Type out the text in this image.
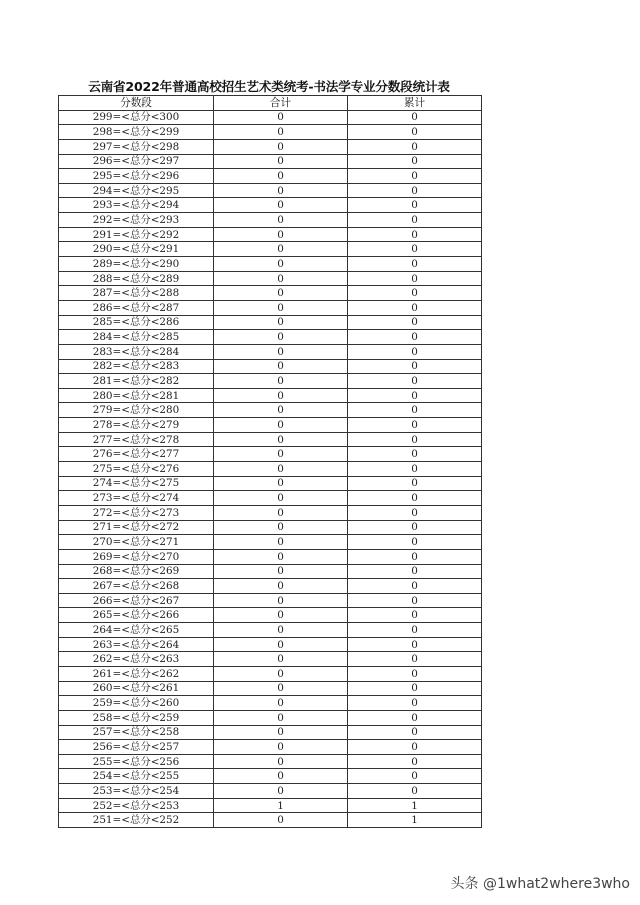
云南省2022年普通高校招生艺术类统考-书法学专业分数段统计表
分数段	合计	累计
299=<总分<300	0	0
298=<总分<299	0	0
297=<总分<298	0	0
296=<总分<297	0	0
295=<总分<296	0	0
294=<总分<295	0	0
293=<总分<294	0	0
292=<总分<293	0	0
291=<总分<292	0	0
290=<总分<291	0	0
289=<总分<290	0	0
288=<总分<289	0	0
287=<总分<288	0	0
286=<总分<287	0	0
285=<总分<286	0	0
284=<总分<285	0	0
283=<总分<284	0	0
282=<总分<283	0	0
281=<总分<282	0	0
280=<总分<281	0	0
279=<总分<280	0	0
278=<总分<279	0	0
277=<总分<278	0	0
276=<总分<277	0	0
275=<总分<276	0	0
274=<总分<275	0	0
273=<总分<274	0	0
272=<总分<273	0	0
271=<总分<272	0	0
270=<总分<271	0	0
269=<总分<270	0	0
268=<总分<269	0	0
267=<总分<268	0	0
266=<总分<267	0	0
265=<总分<266	0	0
264=<总分<265	0	0
263=<总分<264	0	0
262=<总分<263	0	0
261=<总分<262	0	0
260=<总分<261	0	0
259=<总分<260	0	0
258=<总分<259	0	0
257=<总分<258	0	0
256=<总分<257	0	0
255=<总分<256	0	0
254=<总分<255	0	0
253=<总分<254	0	0
252=<总分<253	1	1
251=<总分<252	0	1
头条 @1what2where3who
